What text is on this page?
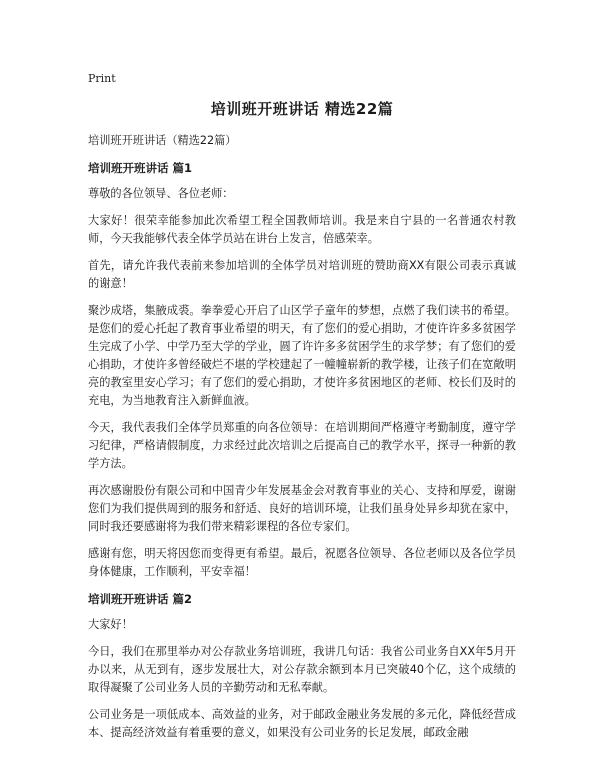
Print
培训班开班讲话 精选22篇

培训班开班讲话（精选22篇）

培训班开班讲话 篇1

尊敬的各位领导、各位老师：

大家好！很荣幸能参加此次希望工程全国教师培训。我是来自宁县的一名普通农村教师，今天我能够代表全体学员站在讲台上发言，倍感荣幸。

首先，请允许我代表前来参加培训的全体学员对培训班的赞助商XX有限公司表示真诚的谢意！

聚沙成塔，集腋成裘。拳拳爱心开启了山区学子童年的梦想，点燃了我们读书的希望。是您们的爱心托起了教育事业希望的明天，有了您们的爱心捐助，才使许许多多贫困学生完成了小学、中学乃至大学的学业，圆了许许多多贫困学生的求学梦；有了您们的爱心捐助，才使许多曾经破烂不堪的学校建起了一幢幢崭新的教学楼，让孩子们在宽敞明亮的教室里安心学习；有了您们的爱心捐助，才使许多贫困地区的老师、校长们及时的充电，为当地教育注入新鲜血液。

今天，我代表我们全体学员郑重的向各位领导：在培训期间严格遵守考勤制度，遵守学习纪律，严格请假制度，力求经过此次培训之后提高自己的教学水平，探寻一种新的教学方法。

再次感谢股份有限公司和中国青少年发展基金会对教育事业的关心、支持和厚爱，谢谢您们为我们提供周到的服务和舒适、良好的培训环境，让我们虽身处异乡却犹在家中，同时我还要感谢将为我们带来精彩课程的各位专家们。

感谢有您，明天将因您而变得更有希望。最后，祝愿各位领导、各位老师以及各位学员身体健康，工作顺利，平安幸福！

培训班开班讲话 篇2

大家好！

今日，我们在那里举办对公存款业务培训班，我讲几句话：我省公司业务自XX年5月开办以来，从无到有，逐步发展壮大，对公存款余额到本月已突破40个亿，这个成绩的取得凝聚了公司业务人员的辛勤劳动和无私奉献。

公司业务是一项低成本、高效益的业务，对于邮政金融业务发展的多元化，降低经营成本、提高经济效益有着重要的意义，如果没有公司业务的长足发展，邮政金融
